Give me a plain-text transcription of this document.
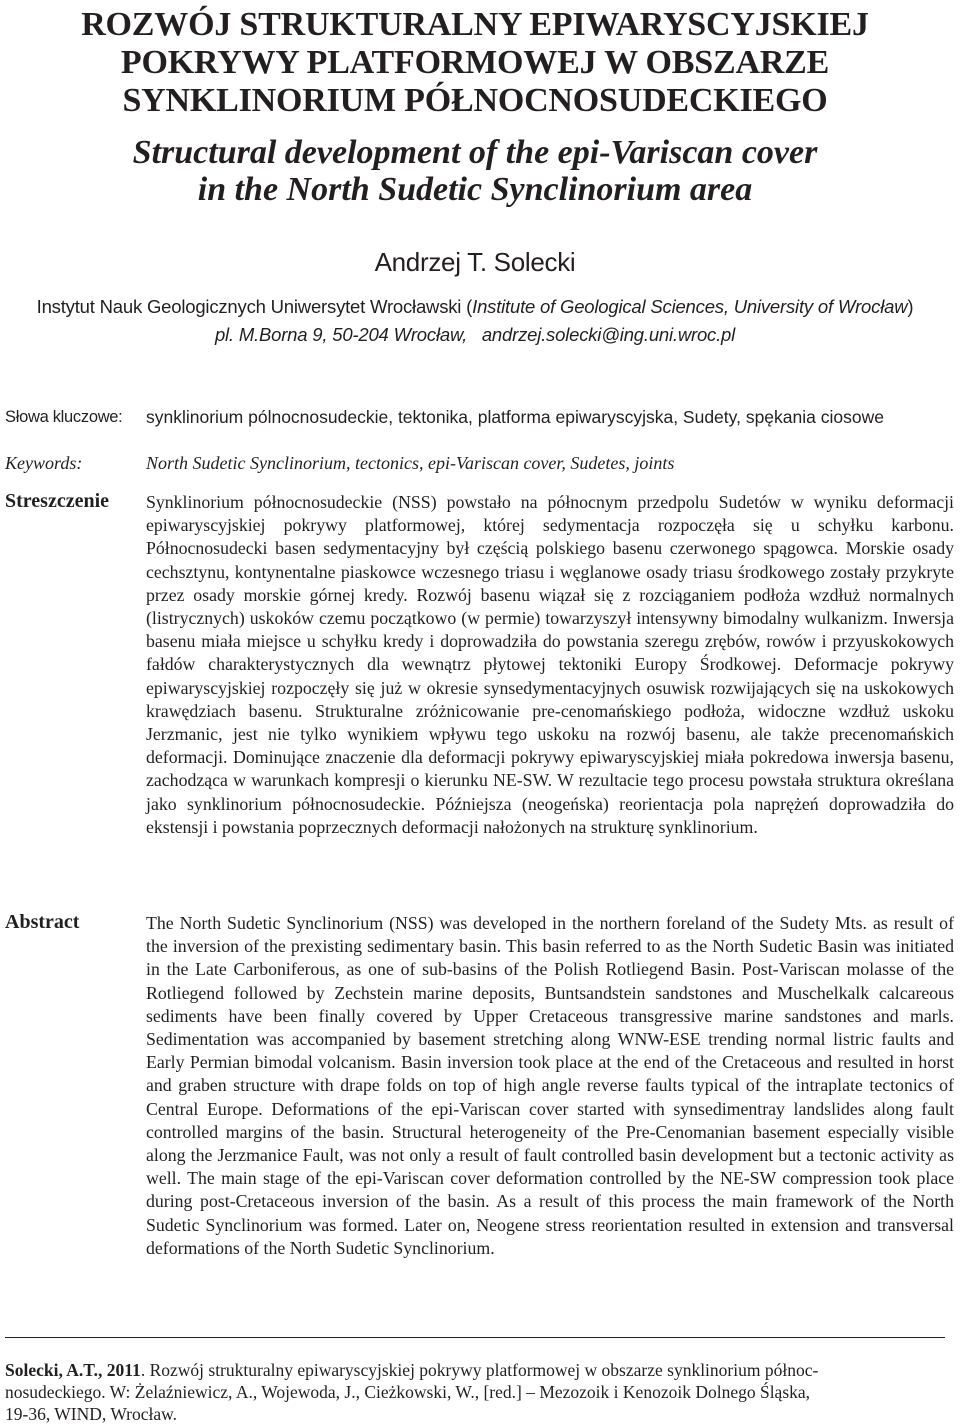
ROZWÓJ STRUKTURALNY EPIWARYSCYJSKIEJ
POKRYWY PLATFORMOWEJ W OBSZARZE
SYNKLINORIUM PÓŁNOCNOSUDECKIEGO
Structural development of the epi-Variscan cover
in the North Sudetic Synclinorium area
Andrzej T. Solecki
Instytut Nauk Geologicznych Uniwersytet Wrocławski (Institute of Geological Sciences, University of Wrocław)
pl. M.Borna 9, 50-204 Wrocław,   andrzej.solecki@ing.uni.wroc.pl
Słowa kluczowe: synklinorium pólnocnosudeckie, tektonika, platforma epiwaryscyjska, Sudety, spękania ciosowe
Keywords:	North Sudetic Synclinorium, tectonics, epi-Variscan cover, Sudetes, joints
Streszczenie Synklinorium północnosudeckie (NSS) powstało na północnym przedpolu Sudetów w wyniku deformacji epiwaryscyjskiej pokrywy platformowej, której sedymentacja rozpoczęła się u schyłku karbonu. Północnosudecki basen sedymentacyjny był częścią polskiego basenu czerwonego spągowca. Morskie osady cechsztynu, kontynentalne piaskowce wczesnego triasu i węglanowe osady triasu środkowego zostały przykryte przez osady morskie górnej kredy. Rozwój basenu wiązał się z rozciąganiem podłoża wzdłuż normalnych (listrycznych) uskoków czemu początkowo (w permie) towarzyszył intensywny bimodalny wulkanizm. Inwersja basenu miała miejsce u schyłku kredy i doprowadziła do powstania szeregu zrębów, rowów i przyuskokowych fałdów charakterystycznych dla wewnątrz płytowej tektoniki Europy Środkowej. Deformacje pokrywy epiwaryscyjskiej rozpoczęły się już w okresie synsedymentacyjnych osuwisk rozwijających się na uskokowych krawędziach basenu. Strukturalne zróżnicowanie pre-cenomańskiego podłoża, widoczne wzdłuż uskoku Jerzmanic, jest nie tylko wynikiem wpływu tego uskoku na rozwój basenu, ale także precenomańskich deformacji. Dominujące znaczenie dla deformacji pokrywy epiwaryscyjskiej miała pokredowa inwersja basenu, zachodząca w warunkach kompresji o kierunku NE-SW. W rezultacie tego procesu powstała struktura określana jako synklinorium północnosudeckie. Późniejsza (neogeńska) reorientacja pola naprężeń doprowadziła do ekstensji i powstania poprzecznych deformacji nałożonych na strukturę synklinorium.
Abstract	The North Sudetic Synclinorium (NSS) was developed in the northern foreland of the Sudety Mts. as result of the inversion of the prexisting sedimentary basin. This basin referred to as the North Sudetic Basin was initiated in the Late Carboniferous, as one of sub-basins of the Polish Rotliegend Basin. Post-Variscan molasse of the Rotliegend followed by Zechstein marine deposits, Buntsandstein sandstones and Muschelkalk calcareous sediments have been finally covered by Upper Cretaceous transgressive marine sandstones and marls. Sedimentation was accompanied by basement stretching along WNW-ESE trending normal listric faults and Early Permian bimodal volcanism. Basin inversion took place at the end of the Cretaceous and resulted in horst and graben structure with drape folds on top of high angle reverse faults typical of the intraplate tectonics of Central Europe. Deformations of the epi-Variscan cover started with synsedimentray landslides along fault controlled margins of the basin. Structural heterogeneity of the Pre-Cenomanian basement especially visible along the Jerzmanice Fault, was not only a result of fault controlled basin development but a tectonic activity as well. The main stage of the epi-Variscan cover deformation controlled by the NE-SW compression took place during post-Cretaceous inversion of the basin. As a result of this process the main framework of the North Sudetic Synclinorium was formed. Later on, Neogene stress reorientation resulted in extension and transversal deformations of the North Sudetic Synclinorium.
Solecki, A.T., 2011. Rozwój strukturalny epiwaryscyjskiej pokrywy platformowej w obszarze synklinorium północ-
nosudeckiego. W: Żelaźniewicz, A., Wojewoda, J., Cieżkowski, W., [red.] – Mezozoik i Kenozoik Dolnego Śląska,
19-36, WIND, Wrocław.
